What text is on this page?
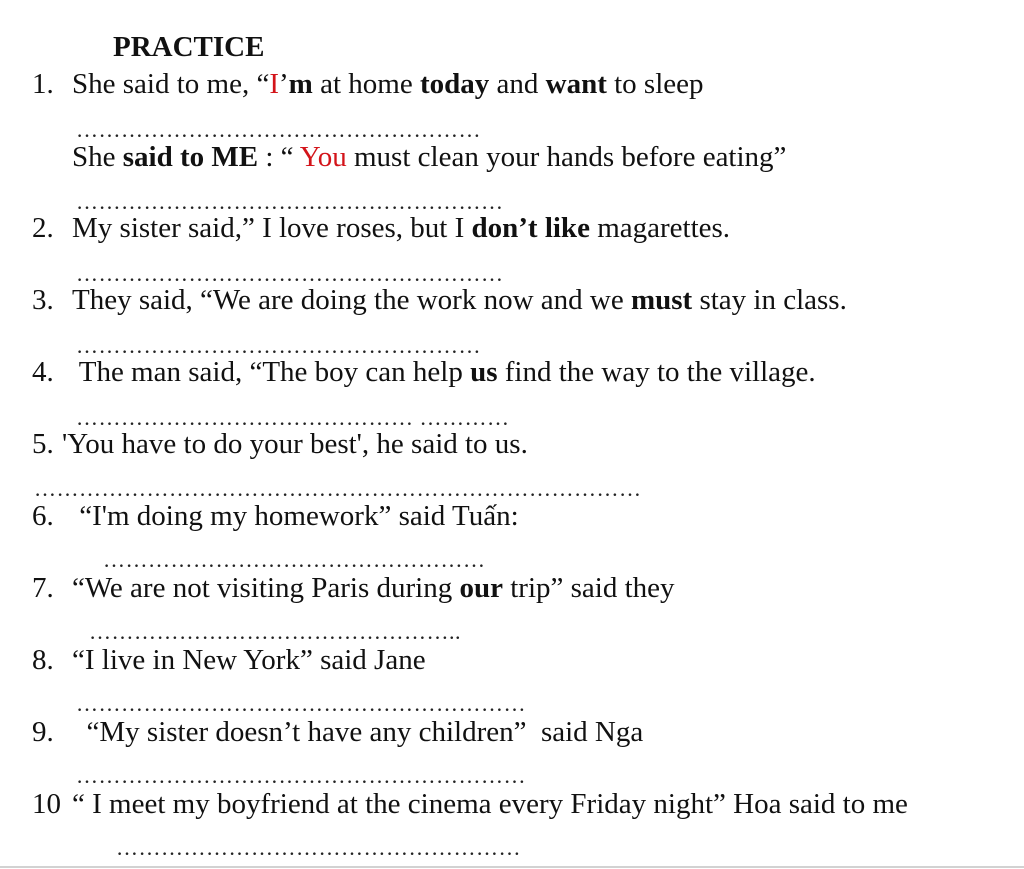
PRACTICE
1. She said to me, “I’m at home today and want to sleep
………………………………………………
She said to ME : “ You must clean your hands before eating”
…………………………………………………
2. My sister said,” I love roses, but I don’t like magarettes.
…………………………………………………
3. They said, “We are doing the work now and we must stay in class.
………………………………………………
4. The man said, “The boy can help us find the way to the village.
……………………………………… …………
5. 'You have to do your best', he said to us.
………………………………………………………………………
6. “I'm doing my homework” said Tuấn:
……………………………………………
7. “We are not visiting Paris during our trip” said they
…………………………………………..
8. “I live in New York” said Jane
……………………………………………………
9. “My sister doesn’t have any children”  said Nga
……………………………………………………
10 “ I meet my boyfriend at the cinema every Friday night” Hoa said to me
………………………………………………
